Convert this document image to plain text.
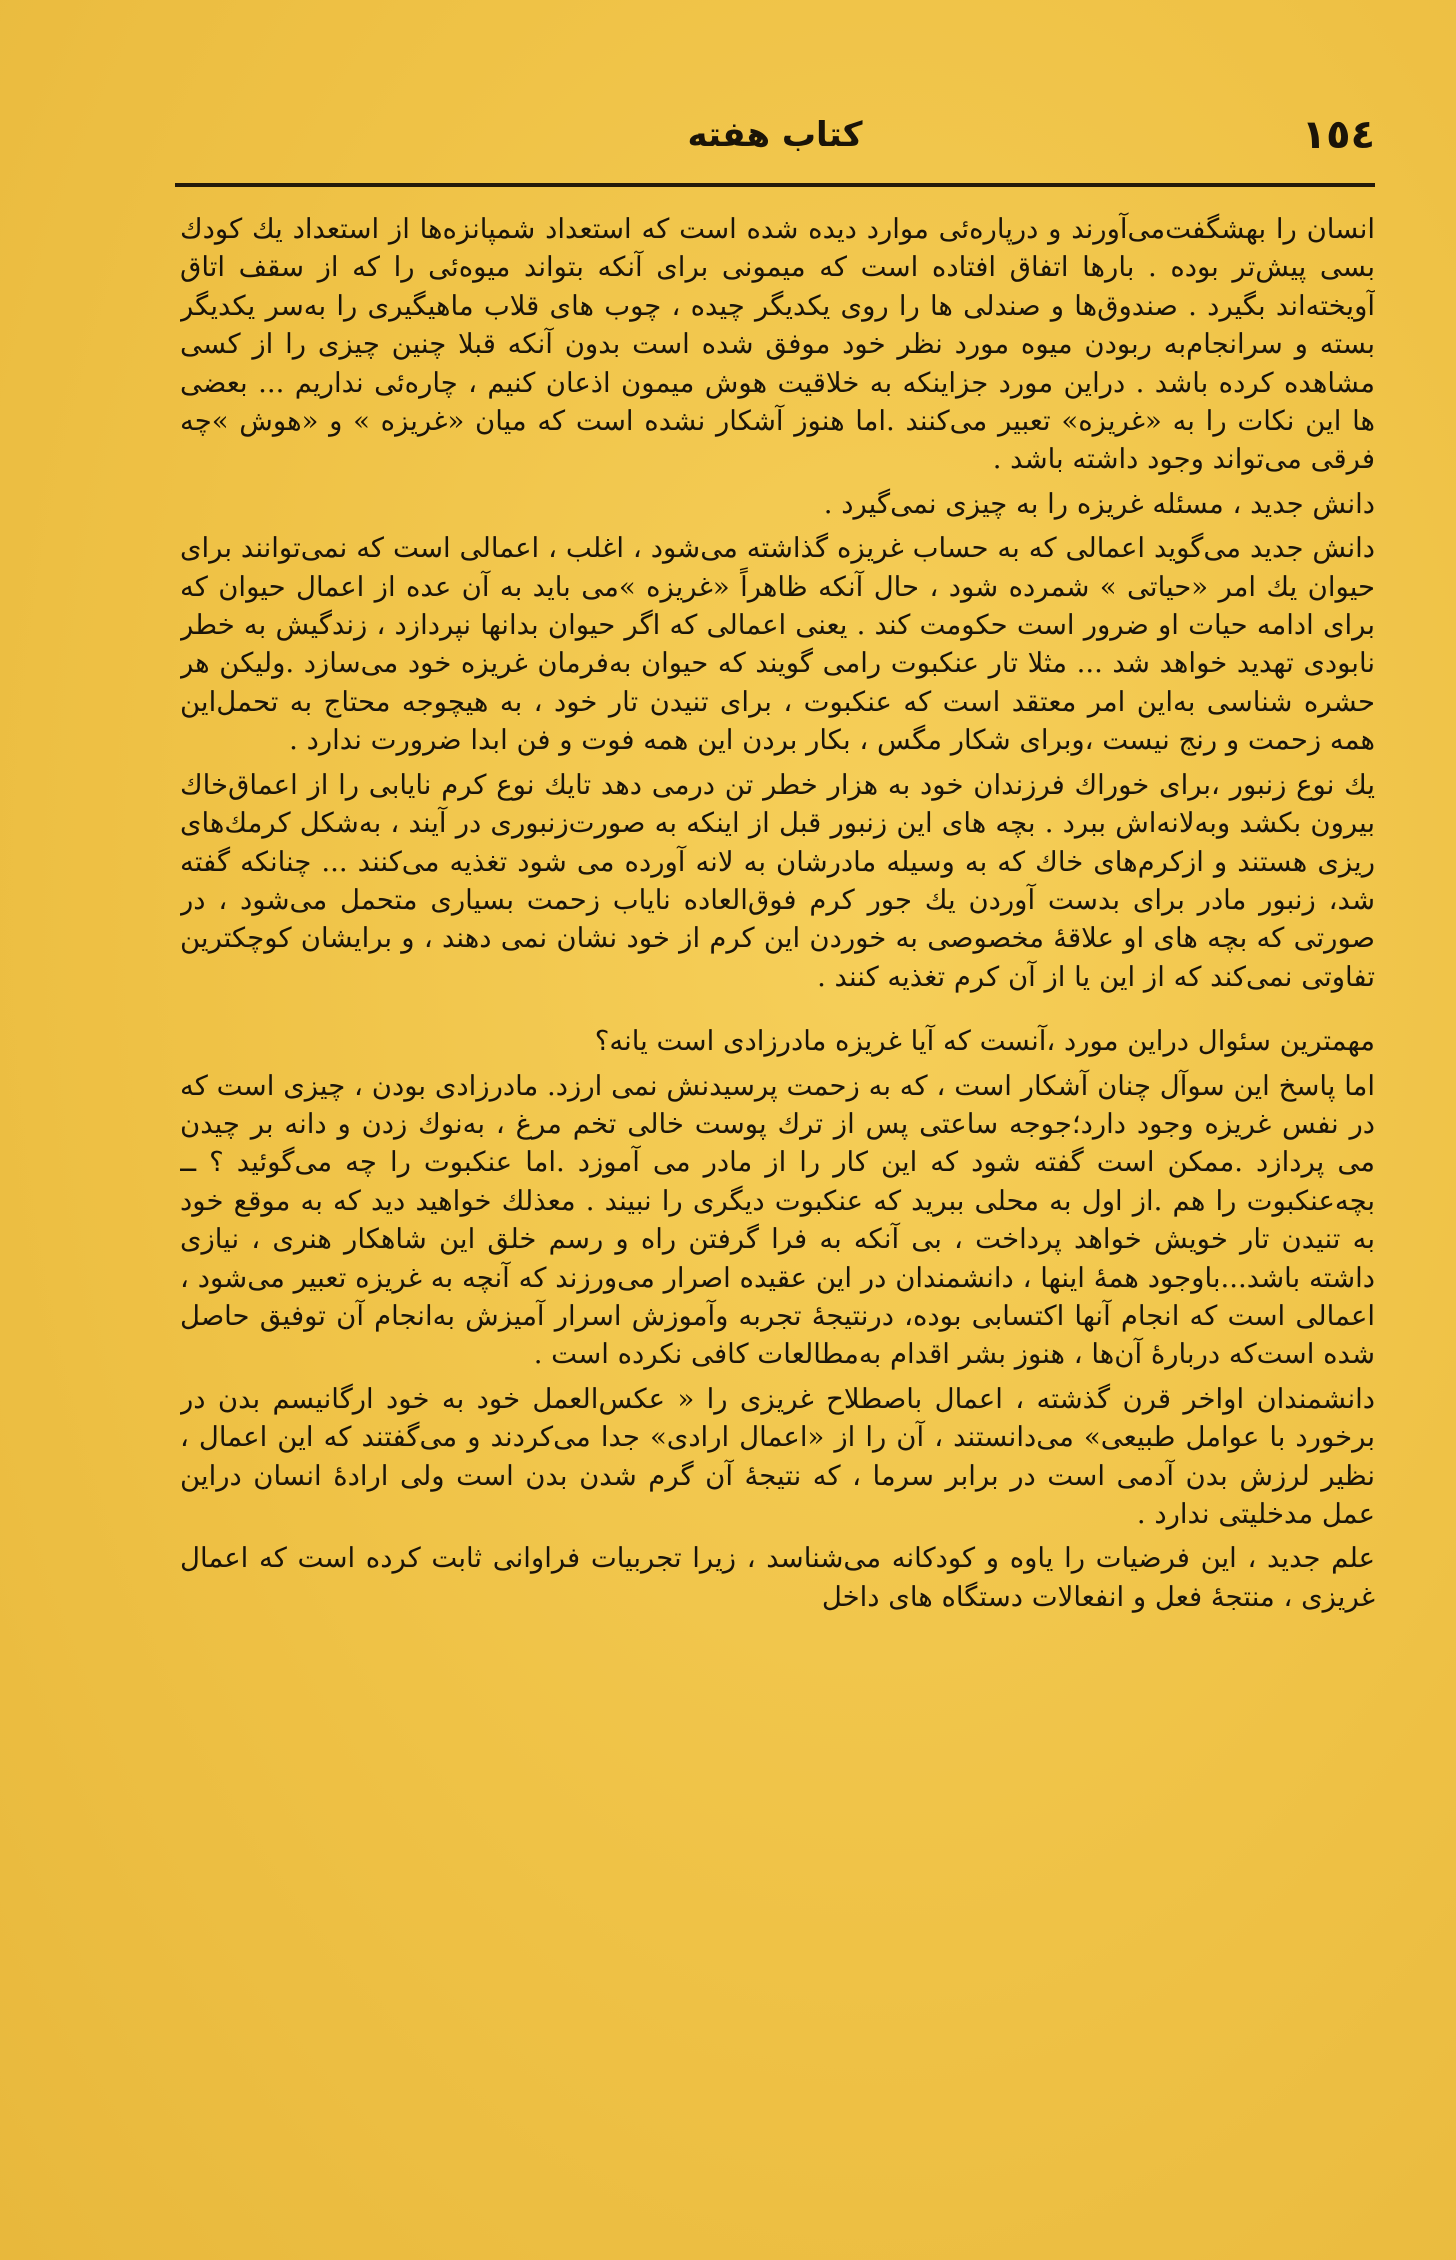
١٥٤
كتاب هفته

انسان را بهشگفت‌می‌آورند و درپاره‌ئی موارد دیده شده است که استعداد شمپانزه‌ها از استعداد یك كودك بسی پیش‌تر بوده . بارها اتفاق افتاده است که میمونی برای آنکه بتواند میوه‌ئی را که از سقف اتاق آویخته‌اند بگیرد . صندوق‌ها و صندلی ها را روی یکدیگر چیده ، چوب های قلاب ماهیگیری را به‌سر یکدیگر بسته و سرانجام‌به ربودن میوه مورد نظر خود موفق شده است بدون آنکه قبلا چنین چیزی را از کسی مشاهده کرده باشد . دراین مورد جزاینکه به خلاقیت هوش میمون اذعان کنیم ، چاره‌ئی نداریم ... بعضی ها این نكات را به «غریزه» تعبیر می‌کنند .اما هنوز آشکار نشده است که میان «غریزه » و «هوش »چه فرقی می‌تواند وجود داشته باشد .

دانش جدید ، مسئله غریزه را به چیزی نمی‌گیرد .

دانش جدید می‌گوید اعمالی که به حساب غریزه گذاشته می‌شود ، اغلب ، اعمالی است که نمی‌توانند برای حیوان یك امر «حیاتی » شمرده شود ، حال آنکه ظاهراً «غریزه »می باید به آن عده از اعمال حیوان که برای ادامه حیات او ضرور است حکومت کند . یعنی اعمالی که اگر حیوان بدانها نپردازد ، زندگیش به خطر نابودی تهدید خواهد شد ... مثلا تار عنکبوت رامی گویند که حیوان به‌فرمان غریزه خود می‌سازد .ولیکن هر حشره شناسی به‌این امر معتقد است که عنکبوت ، برای تنیدن تار خود ، به هیچوجه محتاج به تحمل‌این همه زحمت و رنج نیست ،وبرای شکار مگس ، بکار بردن این همه فوت و فن ابدا ضرورت ندارد .

یك نوع زنبور ،برای خوراك فرزندان خود به هزار خطر تن درمی دهد تایك نوع کرم نایابی را از اعماق‌خاك بیرون بکشد وبه‌لانه‌اش ببرد . بچه های این زنبور قبل از اینکه به صورت‌زنبوری در آیند ، به‌شکل کرمك‌های ریزی هستند و ازکرم‌های خاك که به وسیله مادرشان به لانه آورده می شود تغذیه می‌کنند ... چنانکه گفته شد، زنبور مادر برای بدست آوردن یك جور کرم فوق‌العاده نایاب زحمت بسیاری متحمل می‌شود ، در صورتی که بچه های او علاقهٔ مخصوصی به خوردن این کرم از خود نشان نمی دهند ، و برایشان کوچکترین تفاوتی نمی‌کند که از این یا از آن کرم تغذیه کنند .

مهمترین سئوال دراین مورد ،آنست که آیا غریزه مادرزادی است یانه؟

اما پاسخ این سوآل چنان آشکار است ، که به زحمت پرسیدنش نمی ارزد. مادرزادی بودن ، چیزی است که در نفس غریزه وجود دارد؛جوجه ساعتی پس از ترك پوست خالی تخم مرغ ، به‌نوك زدن و دانه بر چیدن می پردازد .ممکن است گفته شود که این کار را از مادر می آموزد .اما عنکبوت را چه می‌گوئید ؟ ــ بچه‌عنکبوت را هم .از اول به محلی ببرید که عنکبوت دیگری را نبیند . معذلك خواهید دید که به موقع خود به تنیدن تار خویش خواهد پرداخت ، بی آنکه به فرا گرفتن راه و رسم خلق این شاهکار هنری ، نیازی داشته باشد...باوجود همهٔ اینها ، دانشمندان در این عقیده اصرار می‌ورزند که آنچه به غریزه تعبیر می‌شود ، اعمالی است که انجام آنها اکتسابی بوده، درنتیجهٔ تجربه وآموزش اسرار آمیزش به‌انجام آن توفیق حاصل شده است‌که دربارهٔ آن‌ها ، هنوز بشر اقدام به‌مطالعات کافی نکرده است .

دانشمندان اواخر قرن گذشته ، اعمال باصطلاح غریزی را « عکس‌العمل خود به خود ارگانیسم بدن در برخورد با عوامل طبیعی» می‌دانستند ، آن را از «اعمال ارادی» جدا می‌کردند و می‌گفتند که این اعمال ، نظیر لرزش بدن آدمی است در برابر سرما ، که نتیجهٔ آن گرم شدن بدن است ولی ارادهٔ انسان دراین عمل مدخلیتی ندارد .

علم جدید ، این فرضیات را یاوه و کودکانه می‌شناسد ، زیرا تجربیات فراوانی ثابت کرده است که اعمال غریزی ، منتجهٔ فعل و انفعالات دستگاه های داخل
